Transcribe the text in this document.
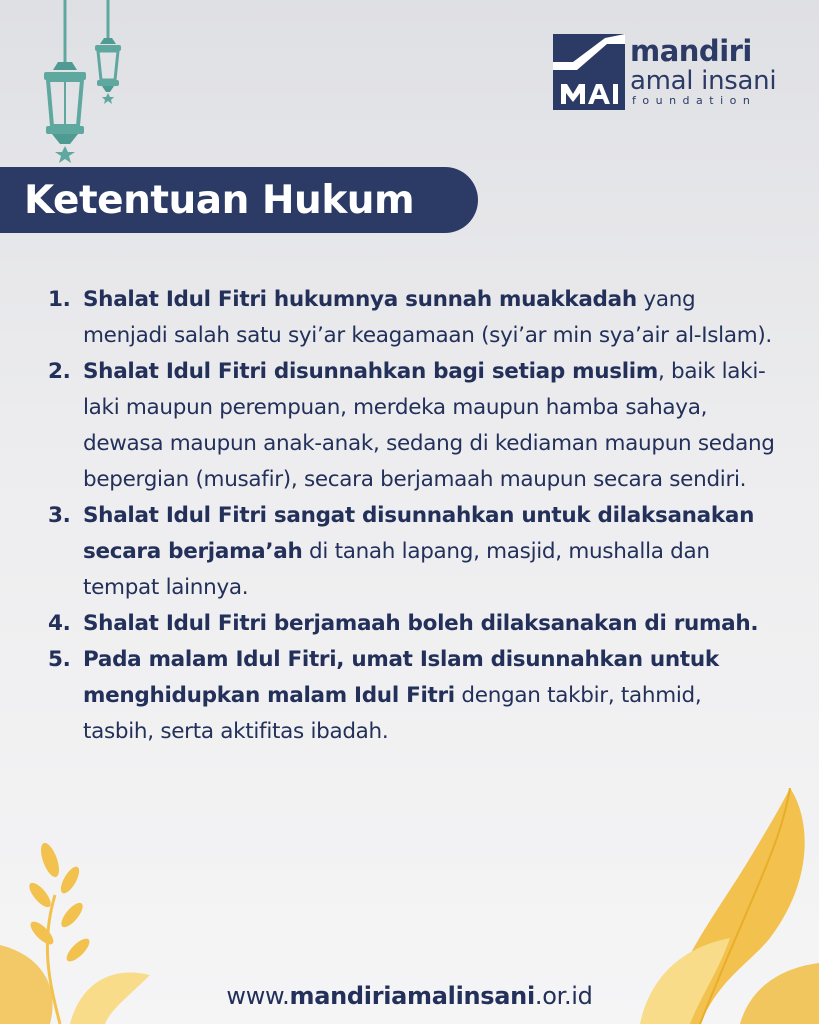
mandiri
amal insani
foundation
Ketentuan Hukum
1. Shalat Idul Fitri hukumnya sunnah muakkadah yang menjadi salah satu syi’ar keagamaan (syi’ar min sya’air al-Islam).
2. Shalat Idul Fitri disunnahkan bagi setiap muslim, baik laki-laki maupun perempuan, merdeka maupun hamba sahaya, dewasa maupun anak-anak, sedang di kediaman maupun sedang bepergian (musafir), secara berjamaah maupun secara sendiri.
3. Shalat Idul Fitri sangat disunnahkan untuk dilaksanakan secara berjama’ah di tanah lapang, masjid, mushalla dan tempat lainnya.
4. Shalat Idul Fitri berjamaah boleh dilaksanakan di rumah.
5. Pada malam Idul Fitri, umat Islam disunnahkan untuk menghidupkan malam Idul Fitri dengan takbir, tahmid, tasbih, serta aktifitas ibadah.
www.mandiriamalinsani.or.id
